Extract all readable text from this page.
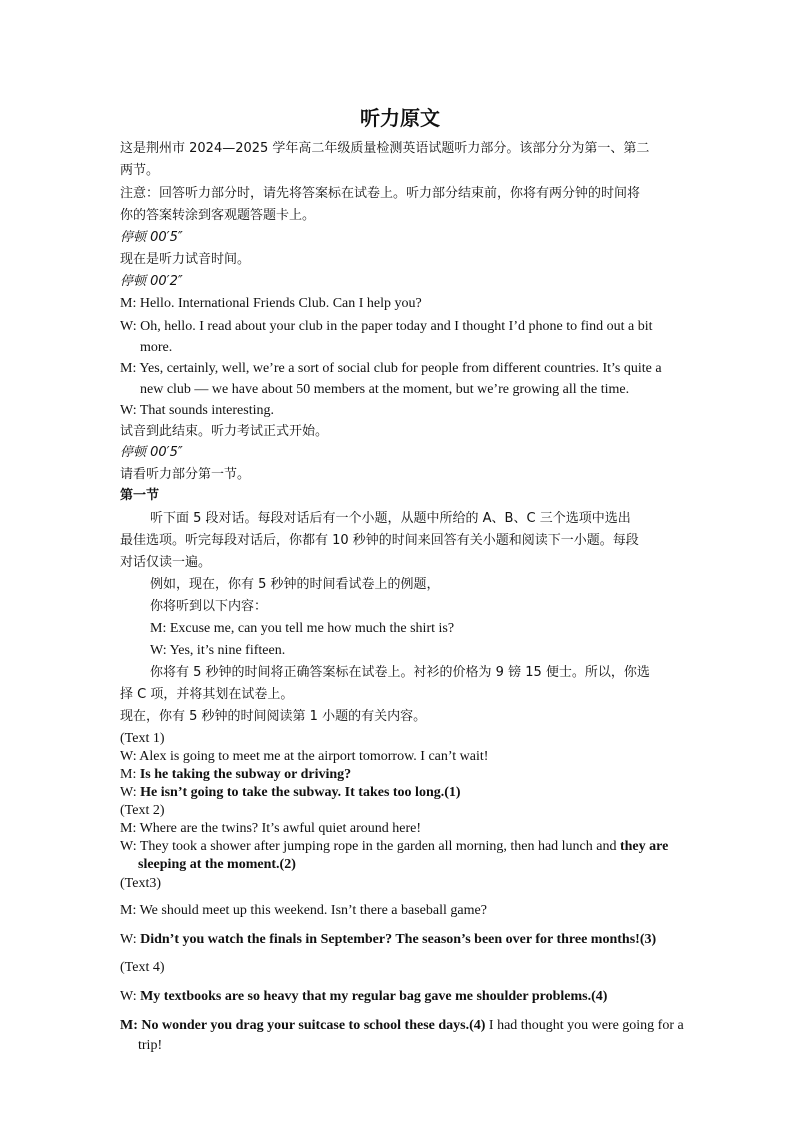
听力原文
这是荆州市 2024—2025 学年高二年级质量检测英语试题听力部分。该部分分为第一、第二
两节。
注意：回答听力部分时，请先将答案标在试卷上。听力部分结束前，你将有两分钟的时间将
你的答案转涂到客观题答题卡上。
停顿 00′5″
现在是听力试音时间。
停顿 00′2″
M: Hello. International Friends Club. Can I help you?
W: Oh, hello. I read about your club in the paper today and I thought I’d phone to find out a bit
more.
M: Yes, certainly, well, we’re a sort of social club for people from different countries. It’s quite a
new club — we have about 50 members at the moment, but we’re growing all the time.
W: That sounds interesting.
试音到此结束。听力考试正式开始。
停顿 00′5″
请看听力部分第一节。
第一节
听下面 5 段对话。每段对话后有一个小题，从题中所给的 A、B、C 三个选项中选出
最佳选项。听完每段对话后，你都有 10 秒钟的时间来回答有关小题和阅读下一小题。每段
对话仅读一遍。
例如，现在，你有 5 秒钟的时间看试卷上的例题，
你将听到以下内容：
M: Excuse me, can you tell me how much the shirt is?
W: Yes, it’s nine fifteen.
你将有 5 秒钟的时间将正确答案标在试卷上。衬衫的价格为 9 镑 15 便士。所以，你选
择 C 项，并将其划在试卷上。
现在，你有 5 秒钟的时间阅读第 1 小题的有关内容。
(Text 1)
W: Alex is going to meet me at the airport tomorrow. I can’t wait!
M: Is he taking the subway or driving?
W: He isn’t going to take the subway. It takes too long.(1)
(Text 2)
M: Where are the twins? It’s awful quiet around here!
W: They took a shower after jumping rope in the garden all morning, then had lunch and they are
sleeping at the moment.(2)
(Text3)
M: We should meet up this weekend. Isn’t there a baseball game?
W: Didn’t you watch the finals in September? The season’s been over for three months!(3)
(Text 4)
W: My textbooks are so heavy that my regular bag gave me shoulder problems.(4)
M: No wonder you drag your suitcase to school these days.(4) I had thought you were going for a
trip!
